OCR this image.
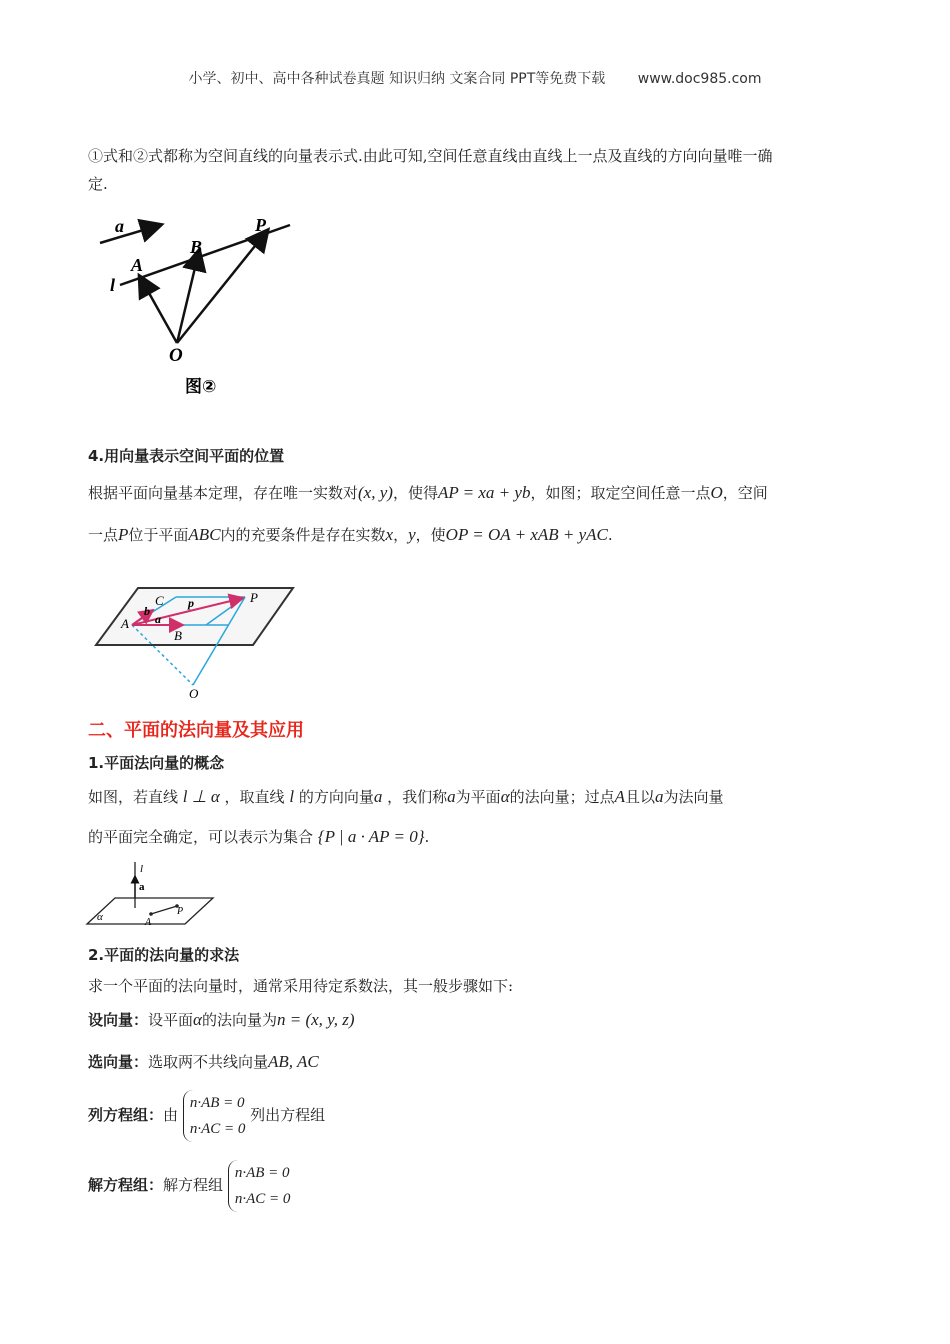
小学、初中、高中各种试卷真题 知识归纳 文案合同 PPT等免费下载 www.doc985.com
①式和②式都称为空间直线的向量表示式.由此可知,空间任意直线由直线上一点及直线的方向向量唯一确
定.
a
l
A
B
P
O
图②
4.用向量表示空间平面的位置
根据平面向量基本定理，存在唯一实数对(x, y)，使得AP = xa + yb，如图；取定空间任意一点O，空间
一点P位于平面ABC内的充要条件是存在实数x，y，使OP = OA + xAB + yAC.
A
B
C	P
p
a
b
O
二、平面的法向量及其应用
1.平面法向量的概念
如图，若直线 l ⊥ α ，取直线 l 的方向向量a ，我们称a为平面α的法向量；过点A且以a为法向量
的平面完全确定，可以表示为集合 {P | a · AP = 0}.
l
a
α	A
P
2.平面的法向量的求法
求一个平面的法向量时，通常采用待定系数法，其一般步骤如下:
设向量：设平面α的法向量为n = (x, y, z)
选向量：选取两不共线向量AB, AC
列方程组：由
n·AB = 0
n·AC = 0
列出方程组
解方程组：解方程组
n·AB = 0
n·AC = 0
